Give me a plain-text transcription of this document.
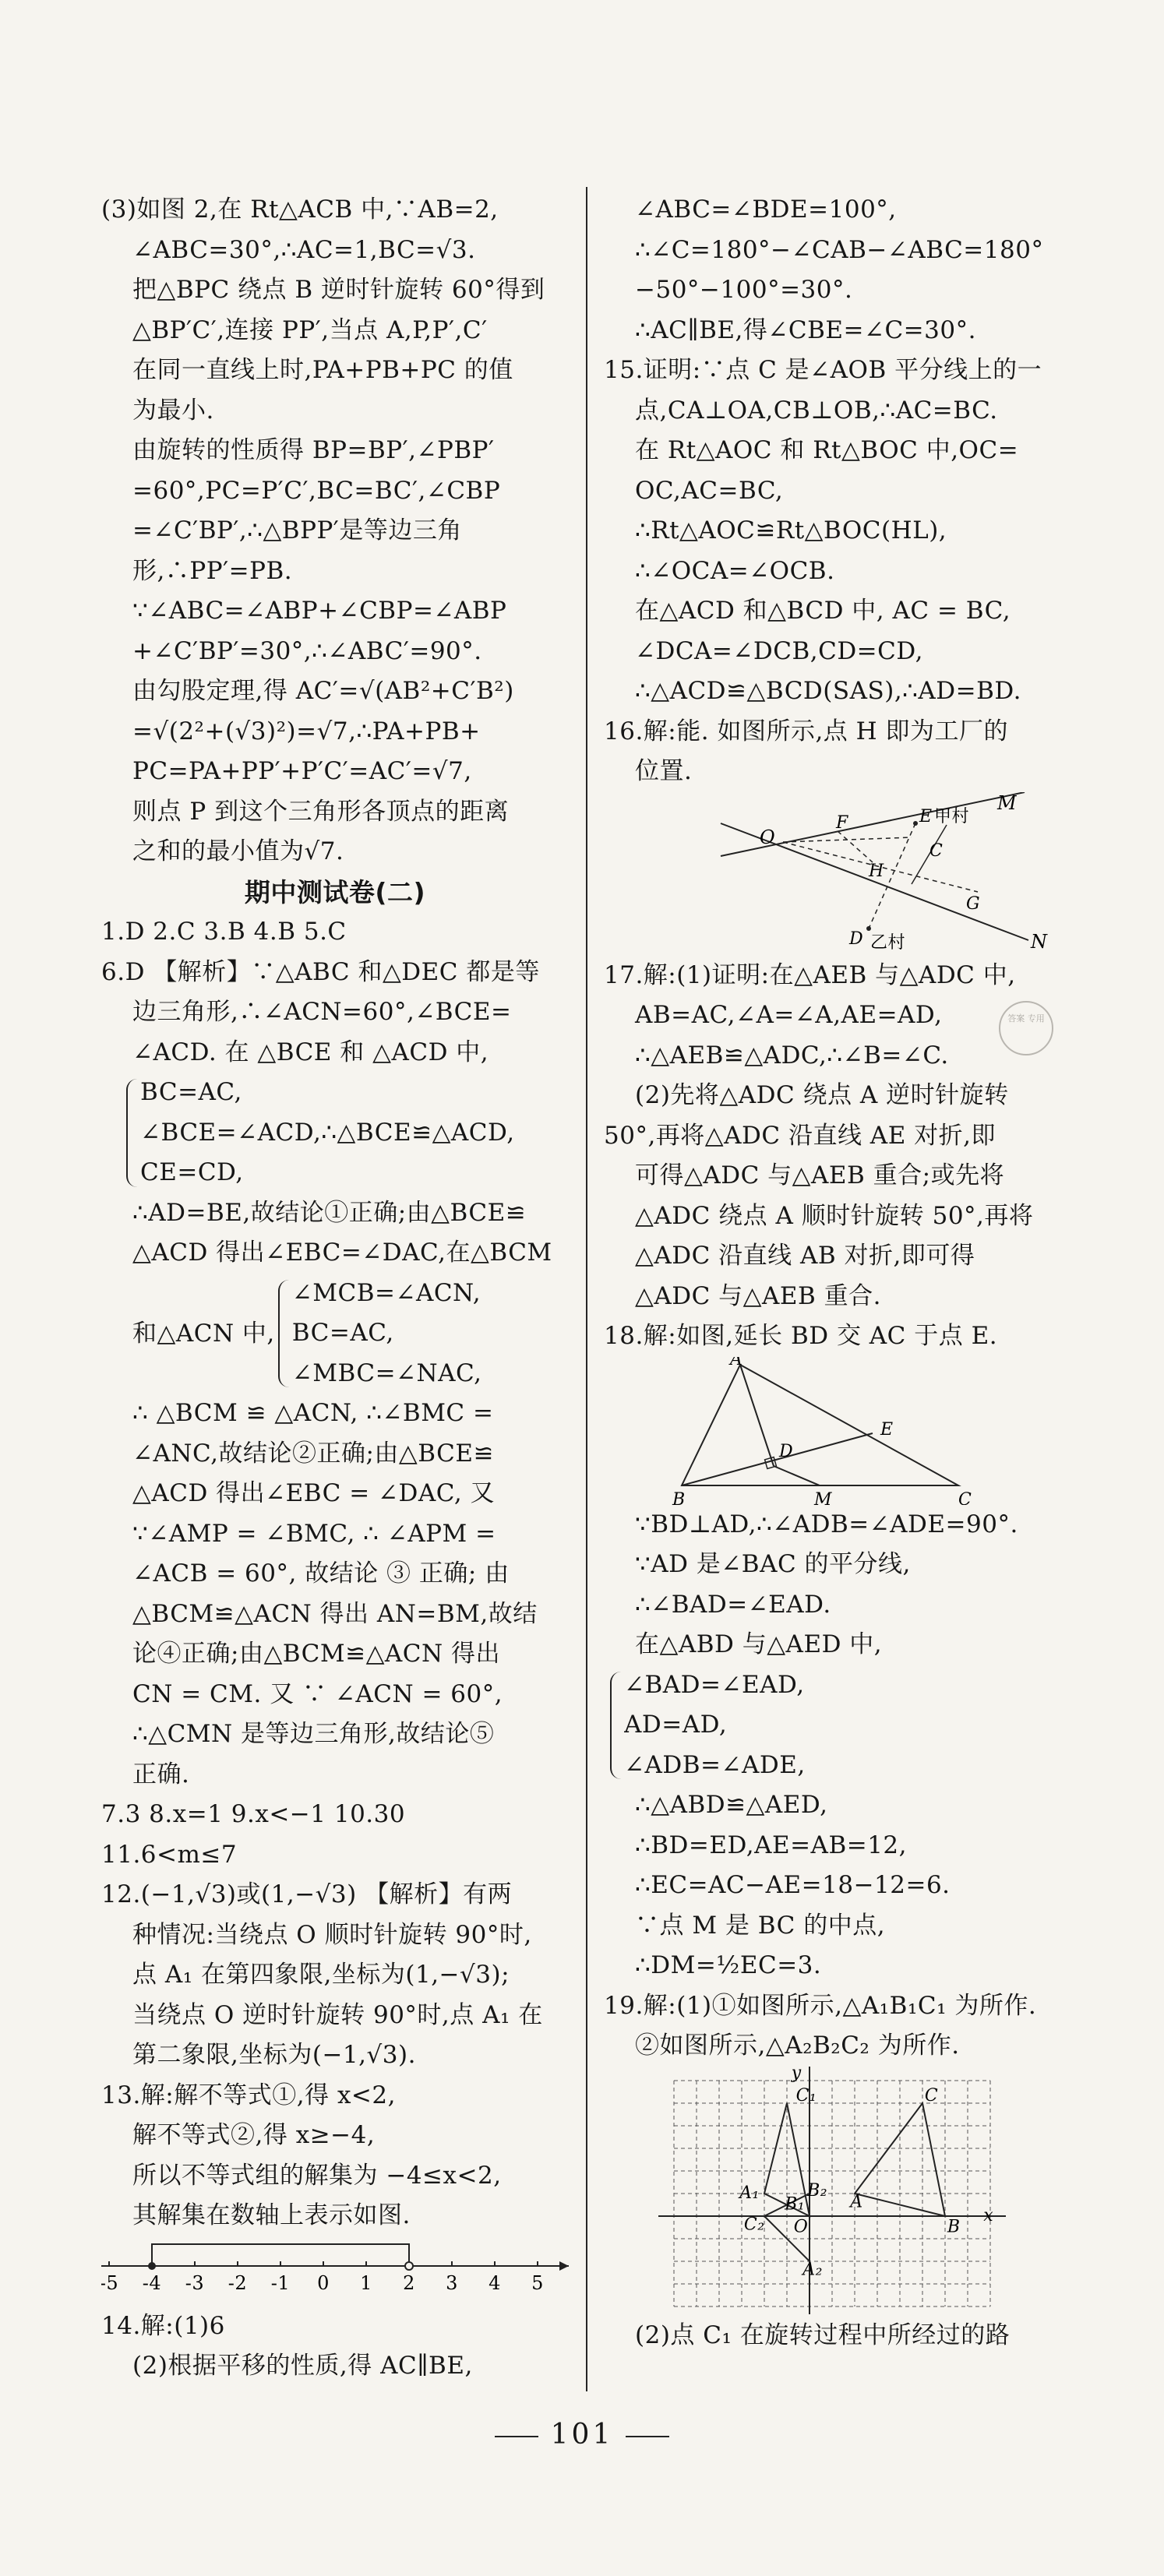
(3)如图 2,在 Rt△ACB 中,∵AB=2,
∠ABC=30°,∴AC=1,BC=√3.
把△BPC 绕点 B 逆时针旋转 60°得到
△BP′C′,连接 PP′,当点 A,P,P′,C′
在同一直线上时,PA+PB+PC 的值
为最小.
由旋转的性质得 BP=BP′,∠PBP′
=60°,PC=P′C′,BC=BC′,∠CBP
=∠C′BP′,∴△BPP′是等边三角
形,∴PP′=PB.
∵∠ABC=∠ABP+∠CBP=∠ABP
+∠C′BP′=30°,∴∠ABC′=90°.
由勾股定理,得 AC′=√(AB²+C′B²)
=√(2²+(√3)²)=√7,∴PA+PB+
PC=PA+PP′+P′C′=AC′=√7,
则点 P 到这个三角形各顶点的距离
之和的最小值为√7.
期中测试卷(二)
1.D 2.C 3.B 4.B 5.C
6.D 【解析】∵△ABC 和△DEC 都是等
边三角形,∴∠ACN=60°,∠BCE=
∠ACD. 在 △BCE 和 △ACD 中,
BC=AC,
∠BCE=∠ACD,∴△BCE≌△ACD,
CE=CD,
∴AD=BE,故结论①正确;由△BCE≌
△ACD 得出∠EBC=∠DAC,在△BCM
和△ACN 中,
∠MCB=∠ACN,
BC=AC,
∠MBC=∠NAC,
∴ △BCM ≌ △ACN, ∴∠BMC =
∠ANC,故结论②正确;由△BCE≌
△ACD 得出∠EBC = ∠DAC, 又
∵∠AMP = ∠BMC, ∴ ∠APM =
∠ACB = 60°, 故结论 ③ 正确; 由
△BCM≌△ACN 得出 AN=BM,故结
论④正确;由△BCM≌△ACN 得出
CN = CM. 又 ∵ ∠ACN = 60°,
∴△CMN 是等边三角形,故结论⑤
正确.
7.3 8.x=1 9.x<−1 10.30
11.6<m≤7
12.(−1,√3)或(1,−√3) 【解析】有两
种情况:当绕点 O 顺时针旋转 90°时,
点 A₁ 在第四象限,坐标为(1,−√3);
当绕点 O 逆时针旋转 90°时,点 A₁ 在
第二象限,坐标为(−1,√3).
13.解:解不等式①,得 x<2,
解不等式②,得 x≥−4,
所以不等式组的解集为 −4≤x<2,
其解集在数轴上表示如图.
-5 -4 -3 -2 -1 0 1 2 3 4 5
14.解:(1)6
(2)根据平移的性质,得 AC∥BE,
∠ABC=∠BDE=100°,
∴∠C=180°−∠CAB−∠ABC=180°
−50°−100°=30°.
∴AC∥BE,得∠CBE=∠C=30°.
15.证明:∵点 C 是∠AOB 平分线上的一
点,CA⊥OA,CB⊥OB,∴AC=BC.
在 Rt△AOC 和 Rt△BOC 中,OC=
OC,AC=BC,
∴Rt△AOC≌Rt△BOC(HL),
∴∠OCA=∠OCB.
在△ACD 和△BCD 中, AC = BC,
∠DCA=∠DCB,CD=CD,
∴△ACD≌△BCD(SAS),∴AD=BD.
16.解:能. 如图所示,点 H 即为工厂的
位置.
M
N
O
F	E 甲村
C
H
G
D 乙村
17.解:(1)证明:在△AEB 与△ADC 中,
AB=AC,∠A=∠A,AE=AD,
∴△AEB≌△ADC,∴∠B=∠C.
(2)先将△ADC 绕点 A 逆时针旋转
50°,再将△ADC 沿直线 AE 对折,即
可得△ADC 与△AEB 重合;或先将
△ADC 绕点 A 顺时针旋转 50°,再将
△ADC 沿直线 AB 对折,即可得
△ADC 与△AEB 重合.
18.解:如图,延长 BD 交 AC 于点 E.
A
B	C
D
E
M
∵BD⊥AD,∴∠ADB=∠ADE=90°.
∵AD 是∠BAC 的平分线,
∴∠BAD=∠EAD.
在△ABD 与△AED 中,
∠BAD=∠EAD,
AD=AD,
∠ADB=∠ADE,
∴△ABD≌△AED,
∴BD=ED,AE=AB=12,
∴EC=AC−AE=18−12=6.
∵点 M 是 BC 的中点,
∴DM=½EC=3.
19.解:(1)①如图所示,△A₁B₁C₁ 为所作.
②如图所示,△A₂B₂C₂ 为所作.
x
y
O
A
B
C
A₁
B₁
C₁
A₂
B₂
C₂
(2)点 C₁ 在旋转过程中所经过的路
答案 专用
101
